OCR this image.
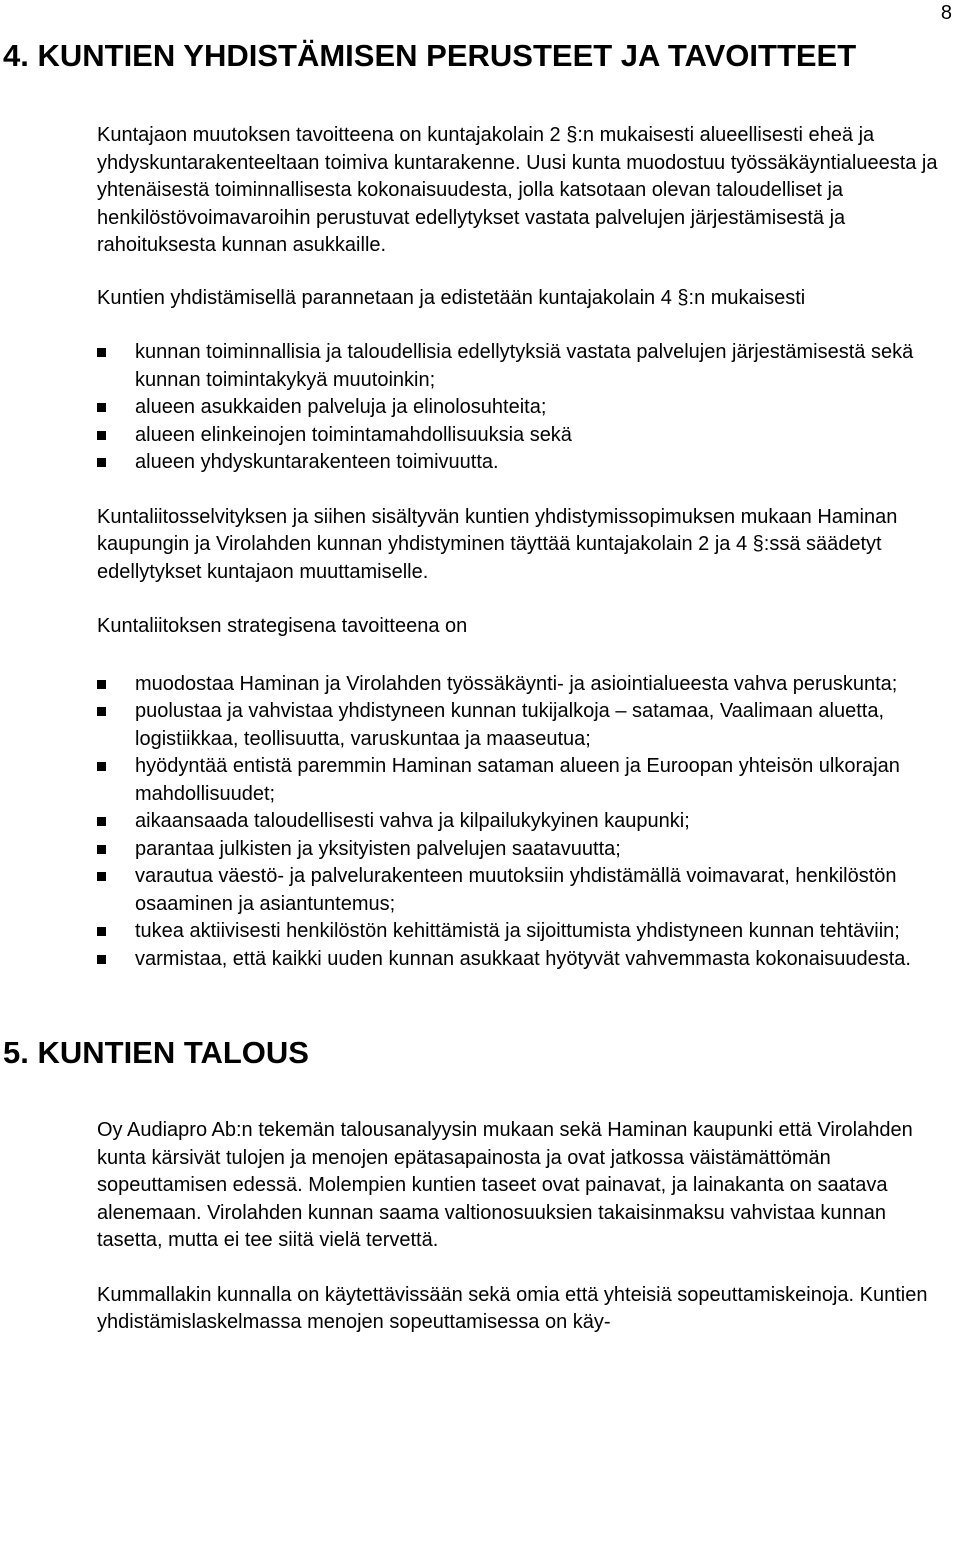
8
4. KUNTIEN YHDISTÄMISEN PERUSTEET JA TAVOITTEET

Kuntajaon muutoksen tavoitteena on kuntajakolain 2 §:n mukaisesti alueellisesti eheä ja yhdyskuntarakenteeltaan toimiva kuntarakenne. Uusi kunta muodostuu työssäkäyntialueesta ja yhtenäisestä toiminnallisesta kokonaisuudesta, jolla katsotaan olevan taloudelliset ja henkilöstövoimavaroihin perustuvat edellytykset vastata palvelujen järjestämisestä ja rahoituksesta kunnan asukkaille.

Kuntien yhdistämisellä parannetaan ja edistetään kuntajakolain 4 §:n mukaisesti

kunnan toiminnallisia ja taloudellisia edellytyksiä vastata palvelujen järjestämisestä sekä kunnan toimintakykyä muutoinkin;
alueen asukkaiden palveluja ja elinolosuhteita;
alueen elinkeinojen toimintamahdollisuuksia sekä
alueen yhdyskuntarakenteen toimivuutta.

Kuntaliitosselvityksen ja siihen sisältyvän kuntien yhdistymissopimuksen mukaan Haminan kaupungin ja Virolahden kunnan yhdistyminen täyttää kuntajakolain 2 ja 4 §:ssä säädetyt edellytykset kuntajaon muuttamiselle.

Kuntaliitoksen strategisena tavoitteena on

muodostaa Haminan ja Virolahden työssäkäynti- ja asiointialueesta vahva peruskunta;
puolustaa ja vahvistaa yhdistyneen kunnan tukijalkoja – satamaa, Vaalimaan aluetta, logistiikkaa, teollisuutta, varuskuntaa ja maaseutua;
hyödyntää entistä paremmin Haminan sataman alueen ja Euroopan yhteisön ulkorajan mahdollisuudet;
aikaansaada taloudellisesti vahva ja kilpailukykyinen kaupunki;
parantaa julkisten ja yksityisten palvelujen saatavuutta;
varautua väestö- ja palvelurakenteen muutoksiin yhdistämällä voimavarat, henkilöstön osaaminen ja asiantuntemus;
tukea aktiivisesti henkilöstön kehittämistä ja sijoittumista yhdistyneen kunnan tehtäviin;
varmistaa, että kaikki uuden kunnan asukkaat hyötyvät vahvemmasta kokonaisuudesta.
5. KUNTIEN TALOUS

Oy Audiapro Ab:n tekemän talousanalyysin mukaan sekä Haminan kaupunki että Virolahden kunta kärsivät tulojen ja menojen epätasapainosta ja ovat jatkossa väistämättömän sopeuttamisen edessä. Molempien kuntien taseet ovat painavat, ja lainakanta on saatava alenemaan. Virolahden kunnan saama valtionosuuksien takaisinmaksu vahvistaa kunnan tasetta, mutta ei tee siitä vielä tervettä.

Kummallakin kunnalla on käytettävissään sekä omia että yhteisiä sopeuttamiskeinoja. Kuntien yhdistämislaskelmassa menojen sopeuttamisessa on käy-
